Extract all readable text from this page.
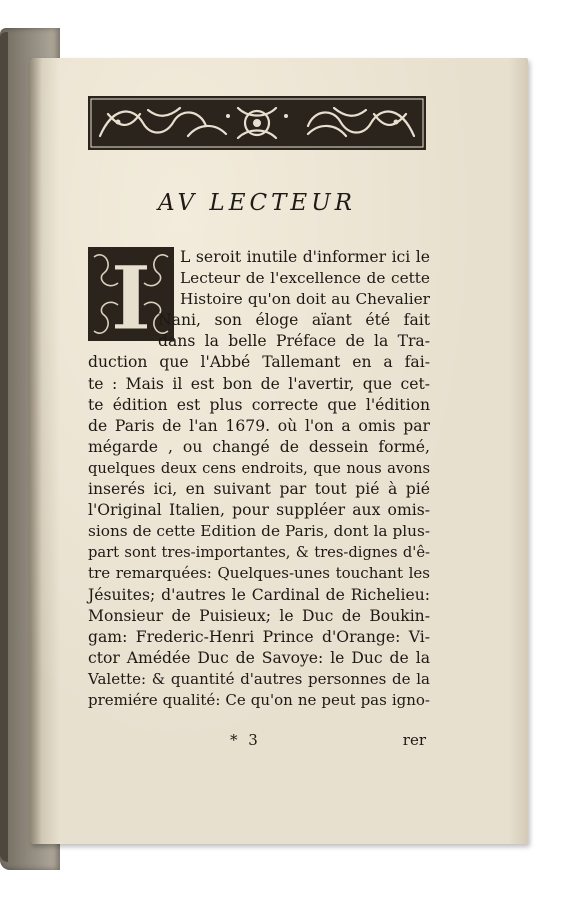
AV LECTEUR
I L seroit inutile d'informer ici le
Lecteur de l'excellence de cette
Histoire qu'on doit au Chevalier
Nani, son éloge aïant été fait
dans la belle Préface de la Tra-
duction que l'Abbé Tallemant en a fai-
te : Mais il est bon de l'avertir, que cet-
te édition est plus correcte que l'édition
de Paris de l'an 1679. où l'on a omis par
mégarde , ou changé de dessein formé,
quelques deux cens endroits, que nous avons
inserés ici, en suivant par tout pié à pié
l'Original Italien, pour suppléer aux omis-
sions de cette Edition de Paris, dont la plus-
part sont tres-importantes, & tres-dignes d'ê-
tre remarquées: Quelques-unes touchant les
Jésuites; d'autres le Cardinal de Richelieu:
Monsieur de Puisieux; le Duc de Boukin-
gam: Frederic-Henri Prince d'Orange: Vi-
ctor Amédée Duc de Savoye: le Duc de la
Valette: & quantité d'autres personnes de la
premiére qualité: Ce qu'on ne peut pas igno-
* 3	rer
